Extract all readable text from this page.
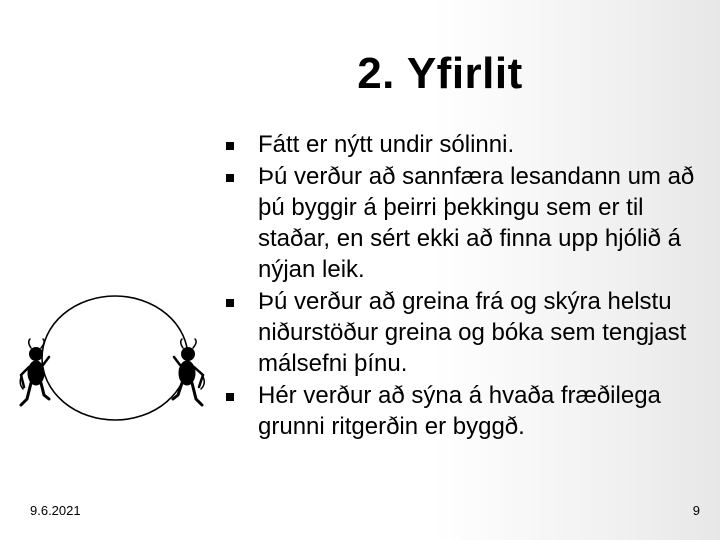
2. Yfirlit
Fátt er nýtt undir sólinni.
Þú verður að sannfæra lesandann um að þú byggir á þeirri þekkingu sem er til staðar, en sért ekki að finna upp hjólið á nýjan leik.
Þú verður að greina frá og skýra helstu niðurstöður greina og bóka sem tengjast málsefni þínu.
Hér verður að sýna á hvaða fræðilega grunni ritgerðin er byggð.
9.6.2021	9
